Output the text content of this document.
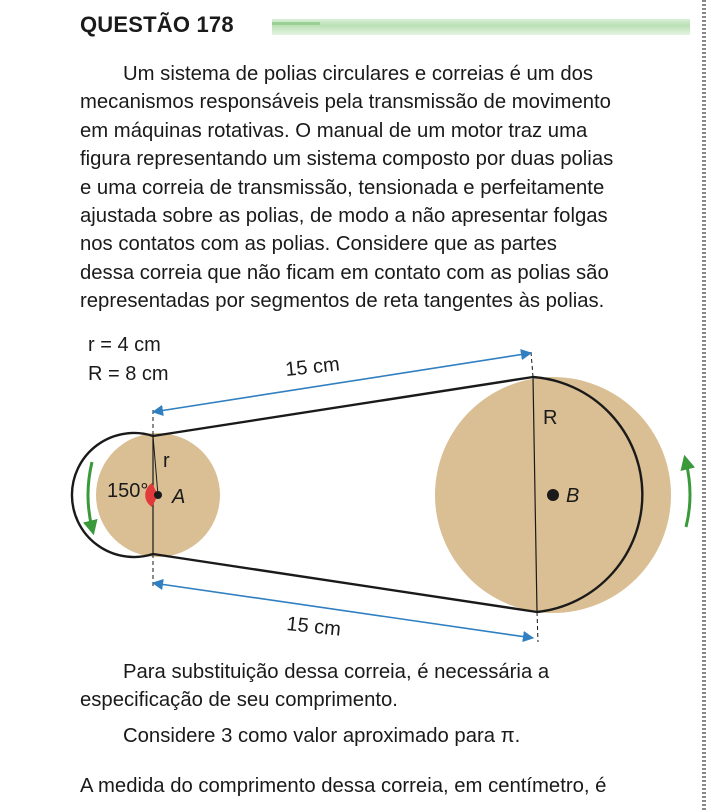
QUESTÃO 178
Um sistema de polias circulares e correias é um dos
mecanismos responsáveis pela transmissão de movimento
em máquinas rotativas. O manual de um motor traz uma
figura representando um sistema composto por duas polias
e uma correia de transmissão, tensionada e perfeitamente
ajustada sobre as polias, de modo a não apresentar folgas
nos contatos com as polias. Considere que as partes
dessa correia que não ficam em contato com as polias são
representadas por segmentos de reta tangentes às polias.
r = 4 cm
R = 8 cm	15 cm
15 cm
150° A	B
r
R
Para substituição dessa correia, é necessária a
especificação de seu comprimento.
Considere 3 como valor aproximado para π.
A medida do comprimento dessa correia, em centímetro, é
